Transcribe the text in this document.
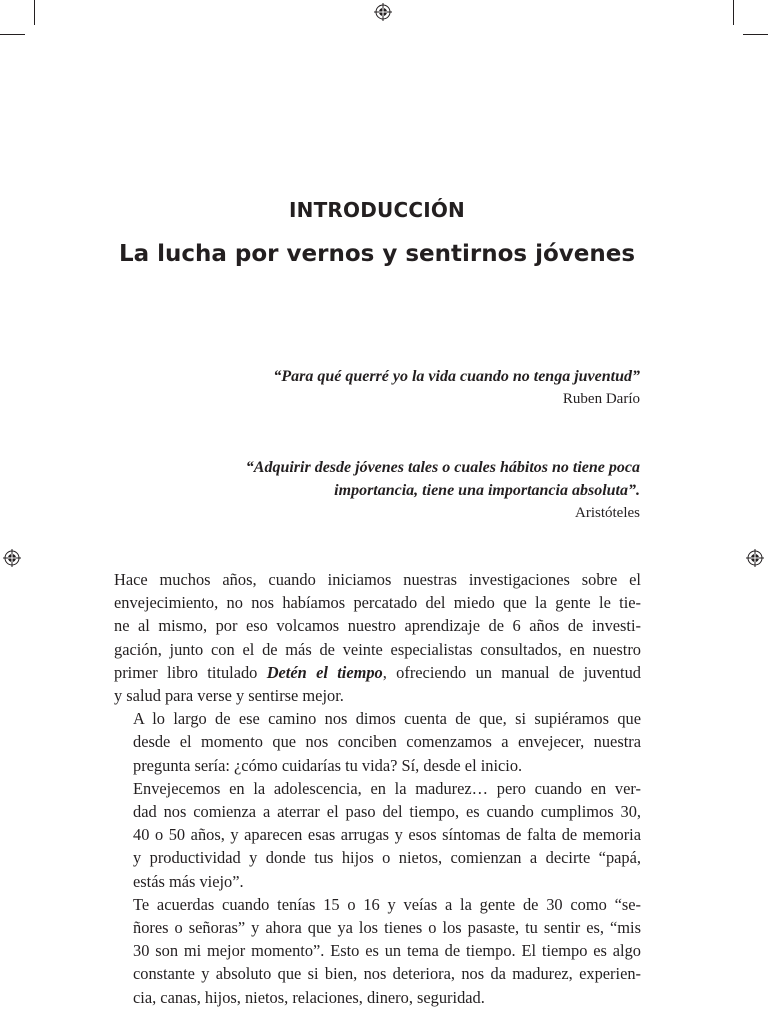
INTRODUCCIÓN
La lucha por vernos y sentirnos jóvenes
“Para qué querré yo la vida cuando no tenga juventud”
Ruben Darío
“Adquirir desde jóvenes tales o cuales hábitos no tiene poca
importancia, tiene una importancia absoluta”.
Aristóteles

Hace muchos años, cuando iniciamos nuestras investigaciones sobre el
envejecimiento, no nos habíamos percatado del miedo que la gente le tie-
ne al mismo, por eso volcamos nuestro aprendizaje de 6 años de investi-
gación, junto con el de más de veinte especialistas consultados, en nuestro
primer libro titulado Detén el tiempo, ofreciendo un manual de juventud
y salud para verse y sentirse mejor.

A lo largo de ese camino nos dimos cuenta de que, si supiéramos que
desde el momento que nos conciben comenzamos a envejecer, nuestra
pregunta sería: ¿cómo cuidarías tu vida? Sí, desde el inicio.

Envejecemos en la adolescencia, en la madurez… pero cuando en ver-
dad nos comienza a aterrar el paso del tiempo, es cuando cumplimos 30,
40 o 50 años, y aparecen esas arrugas y esos síntomas de falta de memoria
y productividad y donde tus hijos o nietos, comienzan a decirte “papá,
estás más viejo”.

Te acuerdas cuando tenías 15 o 16 y veías a la gente de 30 como “se-
ñores o señoras” y ahora que ya los tienes o los pasaste, tu sentir es, “mis
30 son mi mejor momento”. Esto es un tema de tiempo. El tiempo es algo
constante y absoluto que si bien, nos deteriora, nos da madurez, experien-
cia, canas, hijos, nietos, relaciones, dinero, seguridad.
